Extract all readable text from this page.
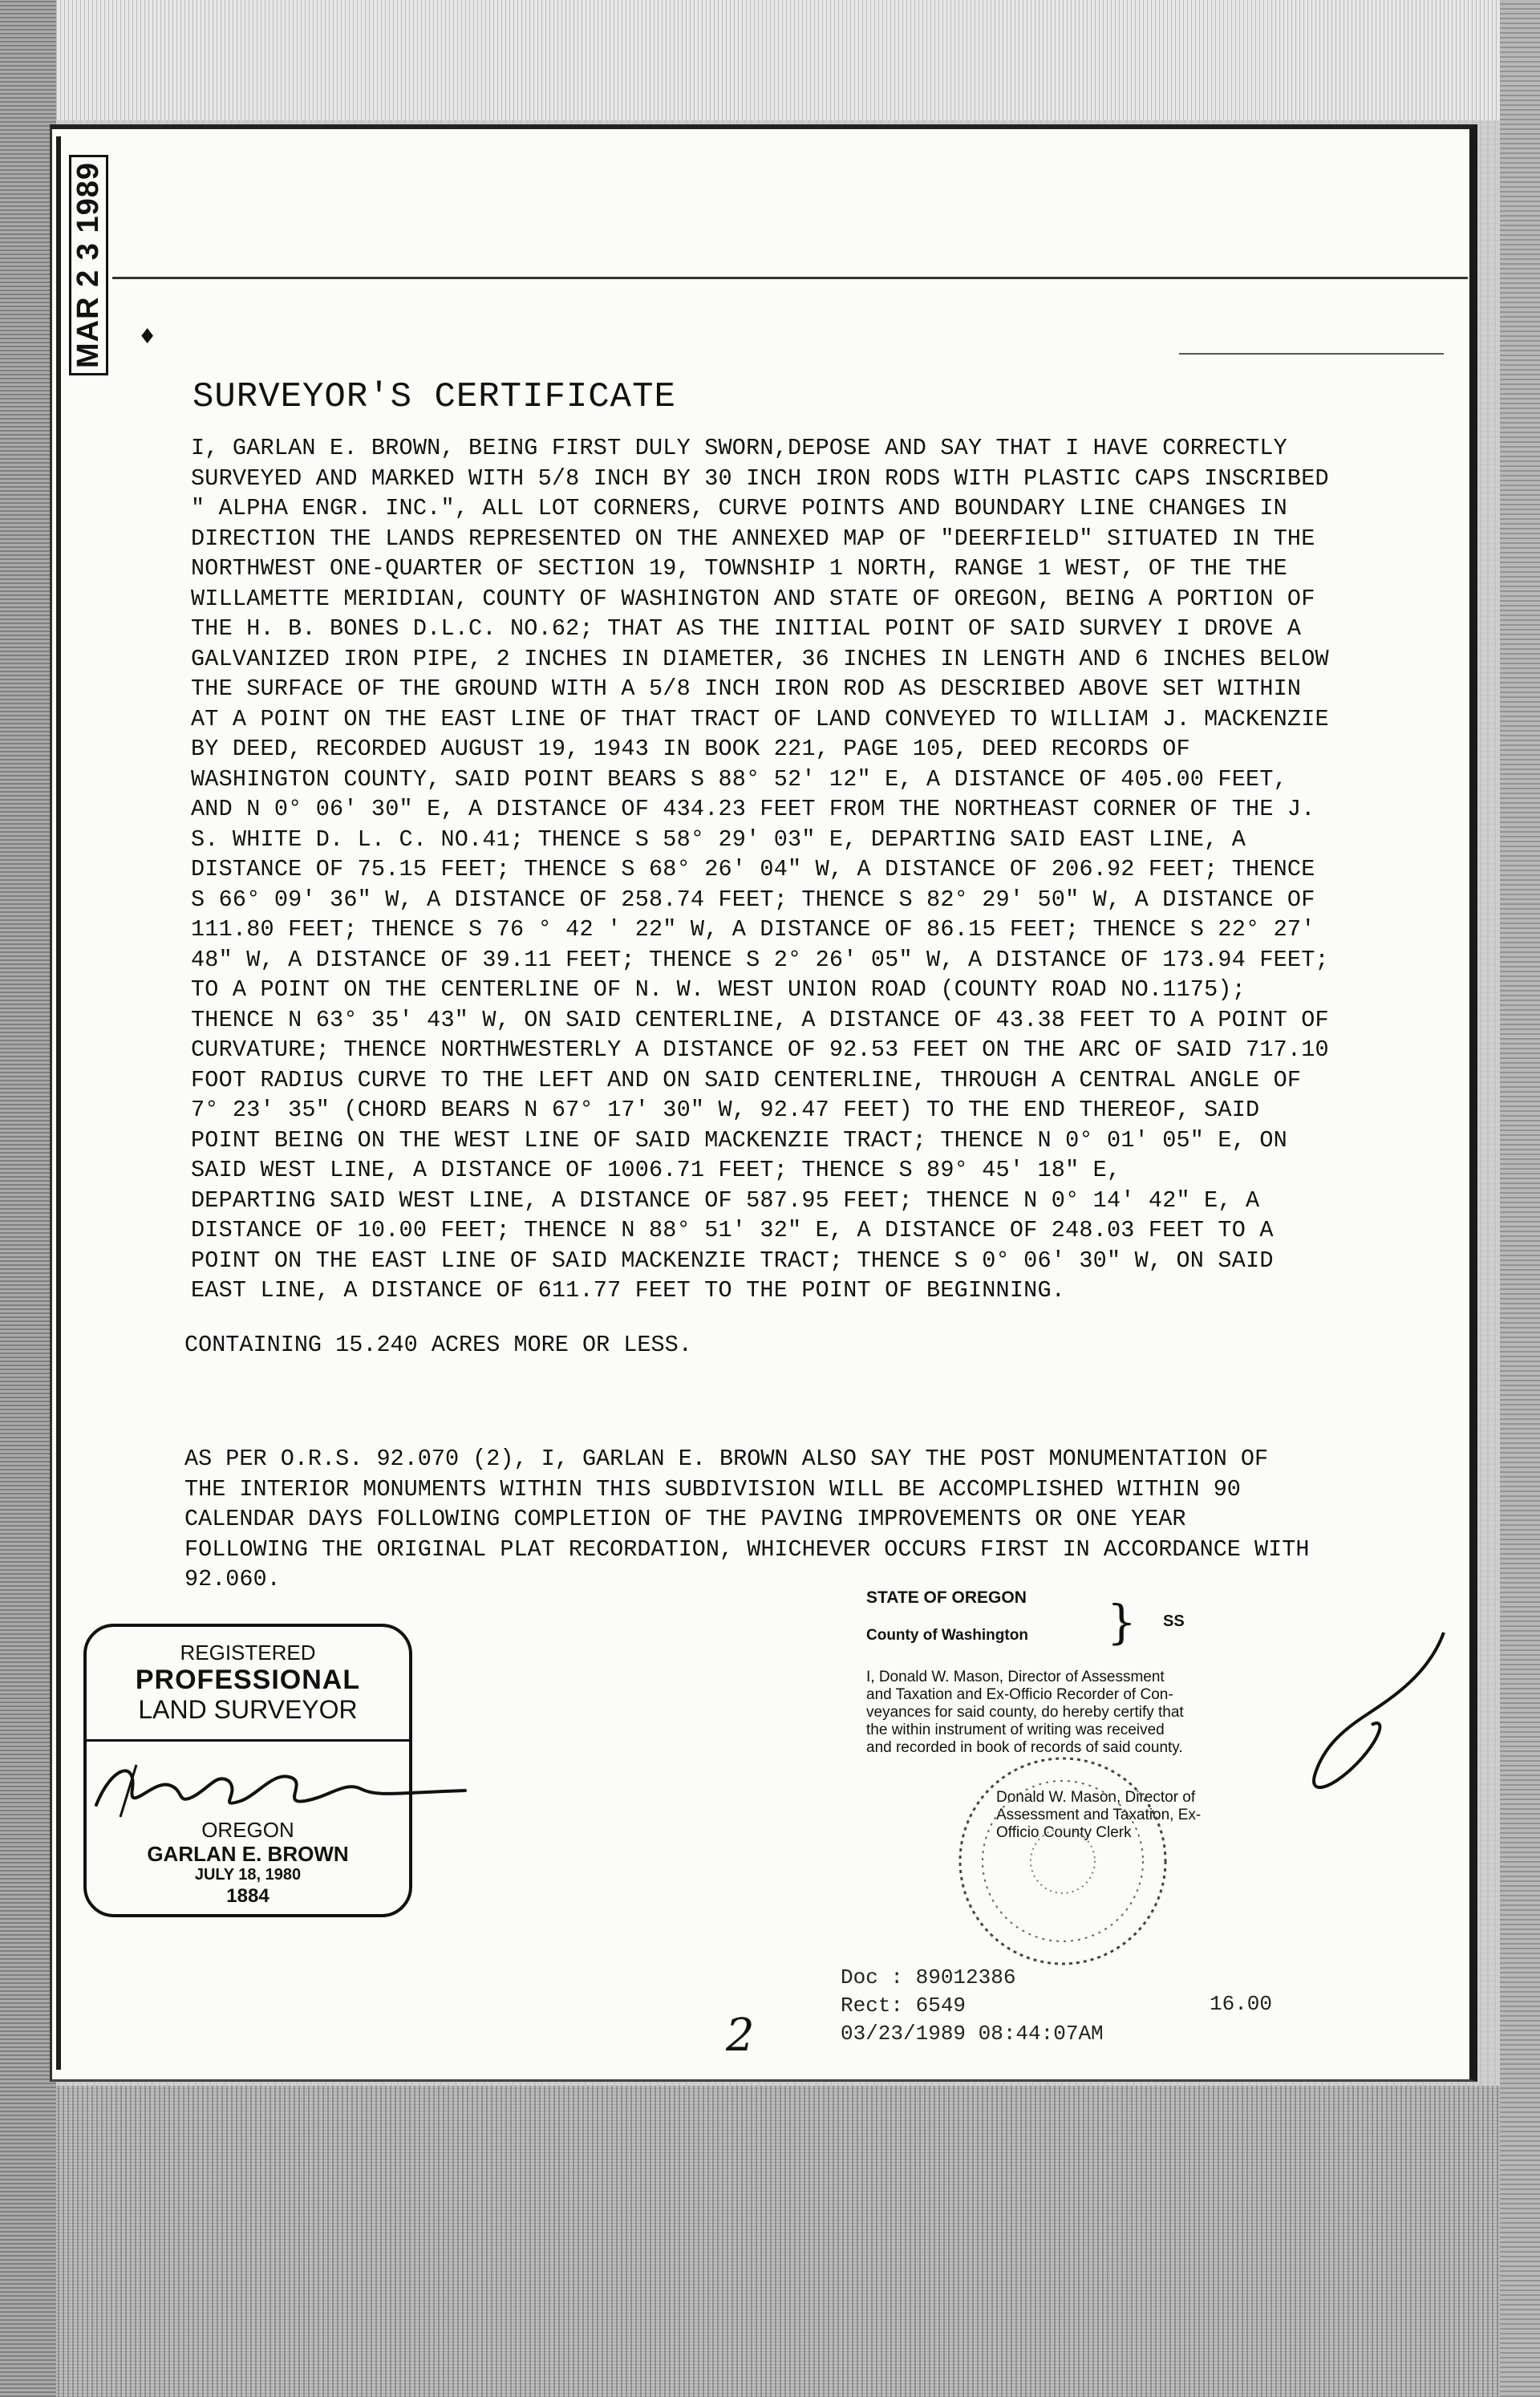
MAR 2 3 1989 ♦
SURVEYOR'S CERTIFICATE
I, GARLAN E. BROWN, BEING FIRST DULY SWORN,DEPOSE AND SAY THAT I HAVE CORRECTLY
SURVEYED AND MARKED WITH 5/8 INCH BY 30 INCH IRON RODS WITH PLASTIC CAPS INSCRIBED
" ALPHA ENGR. INC.", ALL LOT CORNERS, CURVE POINTS AND BOUNDARY LINE CHANGES IN
DIRECTION THE LANDS REPRESENTED ON THE ANNEXED MAP OF "DEERFIELD" SITUATED IN THE
NORTHWEST ONE-QUARTER OF SECTION 19, TOWNSHIP 1 NORTH, RANGE 1 WEST, OF THE THE
WILLAMETTE MERIDIAN, COUNTY OF WASHINGTON AND STATE OF OREGON, BEING A PORTION OF
THE H. B. BONES D.L.C. NO.62; THAT AS THE INITIAL POINT OF SAID SURVEY I DROVE A
GALVANIZED IRON PIPE, 2 INCHES IN DIAMETER, 36 INCHES IN LENGTH AND 6 INCHES BELOW
THE SURFACE OF THE GROUND WITH A 5/8 INCH IRON ROD AS DESCRIBED ABOVE SET WITHIN
AT A POINT ON THE EAST LINE OF THAT TRACT OF LAND CONVEYED TO WILLIAM J. MACKENZIE
BY DEED, RECORDED AUGUST 19, 1943 IN BOOK 221, PAGE 105, DEED RECORDS OF
WASHINGTON COUNTY, SAID POINT BEARS S 88° 52' 12" E, A DISTANCE OF 405.00 FEET,
AND N 0° 06' 30" E, A DISTANCE OF 434.23 FEET FROM THE NORTHEAST CORNER OF THE J.
S. WHITE D. L. C. NO.41; THENCE S 58° 29' 03" E, DEPARTING SAID EAST LINE, A
DISTANCE OF 75.15 FEET; THENCE S 68° 26' 04" W, A DISTANCE OF 206.92 FEET; THENCE
S 66° 09' 36" W, A DISTANCE OF 258.74 FEET; THENCE S 82° 29' 50" W, A DISTANCE OF
111.80 FEET; THENCE S 76 ° 42 ' 22" W, A DISTANCE OF 86.15 FEET; THENCE S 22° 27'
48" W, A DISTANCE OF 39.11 FEET; THENCE S 2° 26' 05" W, A DISTANCE OF 173.94 FEET;
TO A POINT ON THE CENTERLINE OF N. W. WEST UNION ROAD (COUNTY ROAD NO.1175);
THENCE N 63° 35' 43" W, ON SAID CENTERLINE, A DISTANCE OF 43.38 FEET TO A POINT OF
CURVATURE; THENCE NORTHWESTERLY A DISTANCE OF 92.53 FEET ON THE ARC OF SAID 717.10
FOOT RADIUS CURVE TO THE LEFT AND ON SAID CENTERLINE, THROUGH A CENTRAL ANGLE OF
7° 23' 35" (CHORD BEARS N 67° 17' 30" W, 92.47 FEET) TO THE END THEREOF, SAID
POINT BEING ON THE WEST LINE OF SAID MACKENZIE TRACT; THENCE N 0° 01' 05" E, ON
SAID WEST LINE, A DISTANCE OF 1006.71 FEET; THENCE S 89° 45' 18" E,
DEPARTING SAID WEST LINE, A DISTANCE OF 587.95 FEET; THENCE N 0° 14' 42" E, A
DISTANCE OF 10.00 FEET; THENCE N 88° 51' 32" E, A DISTANCE OF 248.03 FEET TO A
POINT ON THE EAST LINE OF SAID MACKENZIE TRACT; THENCE S 0° 06' 30" W, ON SAID
EAST LINE, A DISTANCE OF 611.77 FEET TO THE POINT OF BEGINNING.
CONTAINING 15.240 ACRES MORE OR LESS.
AS PER O.R.S. 92.070 (2), I, GARLAN E. BROWN ALSO SAY THE POST MONUMENTATION OF
THE INTERIOR MONUMENTS WITHIN THIS SUBDIVISION WILL BE ACCOMPLISHED WITHIN 90
CALENDAR DAYS FOLLOWING COMPLETION OF THE PAVING IMPROVEMENTS OR ONE YEAR
FOLLOWING THE ORIGINAL PLAT RECORDATION, WHICHEVER OCCURS FIRST IN ACCORDANCE WITH
92.060.
REGISTERED
PROFESSIONAL
LAND SURVEYOR
OREGON
GARLAN E. BROWN
JULY 18, 1980
1884
STATE OF OREGON
County of Washington } SS
I, Donald W. Mason, Director of Assessment
and Taxation and Ex-Officio Recorder of Con-
veyances for said county, do hereby certify that
the within instrument of writing was received
and recorded in book of records of said county.
Donald W. Mason, Director of
Assessment and Taxation, Ex-
Officio County Clerk
Doc : 89012386
Rect: 6549
03/23/1989 08:44:07AM
16.00
2
